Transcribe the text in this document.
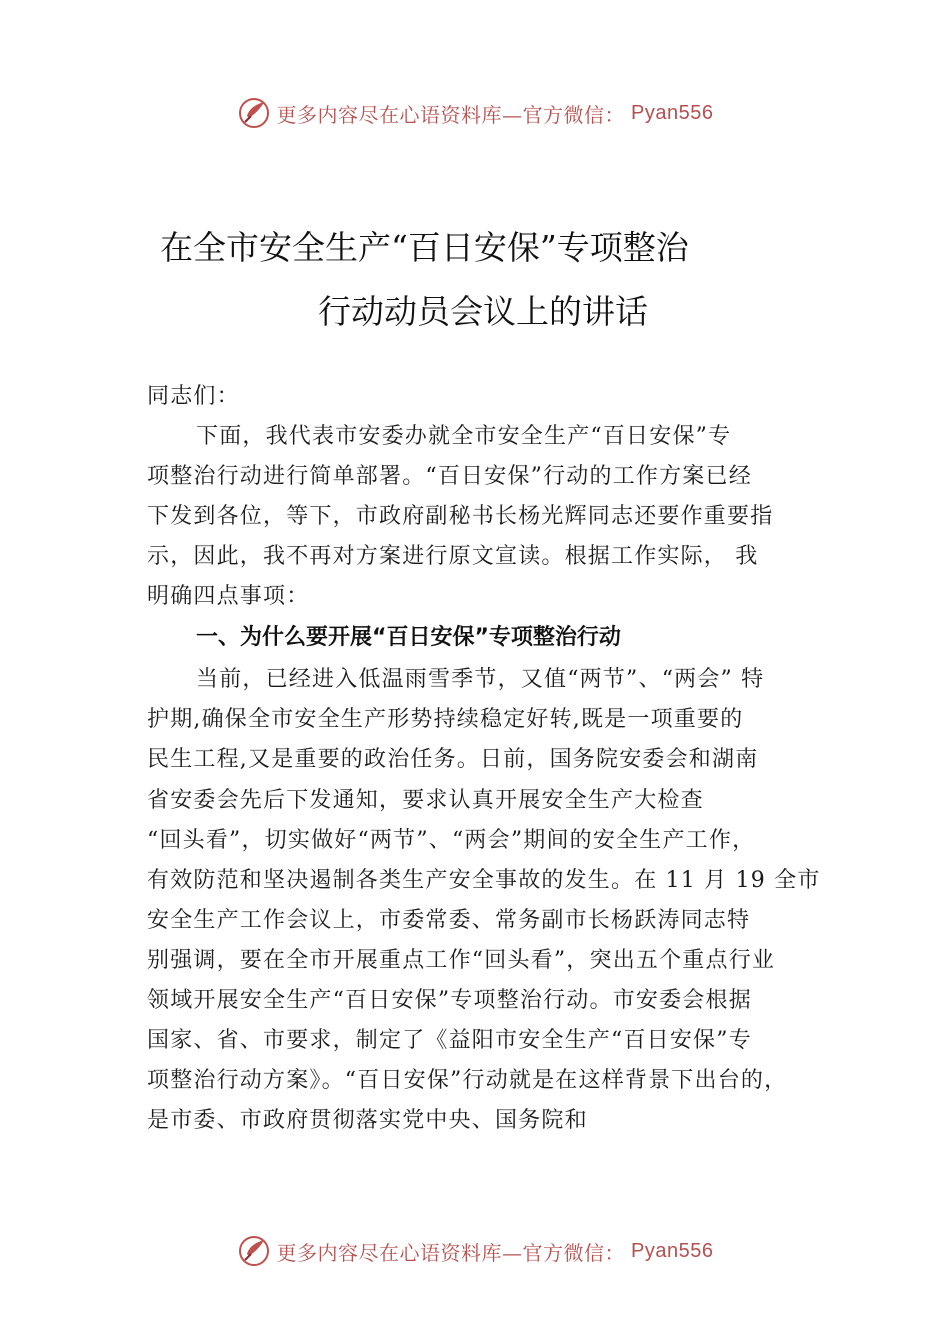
更多内容尽在心语资料库—官方微信： Pyan556
在全市安全生产“百日安保”专项整治
行动动员会议上的讲话
同志们：
下面，我代表市安委办就全市安全生产“百日安保”专
项整治行动进行简单部署。“百日安保”行动的工作方案已经
下发到各位，等下，市政府副秘书长杨光辉同志还要作重要指
示，因此，我不再对方案进行原文宣读。根据工作实际， 我
明确四点事项：
一、为什么要开展“百日安保”专项整治行动
当前，已经进入低温雨雪季节，又值“两节”、“两会” 特
护期,确保全市安全生产形势持续稳定好转,既是一项重要的
民生工程,又是重要的政治任务。日前，国务院安委会和湖南
省安委会先后下发通知，要求认真开展安全生产大检查
“回头看”，切实做好“两节”、“两会”期间的安全生产工作，
有效防范和坚决遏制各类生产安全事故的发生。在 11 月 19 全市
安全生产工作会议上，市委常委、常务副市长杨跃涛同志特
别强调，要在全市开展重点工作“回头看”，突出五个重点行业
领域开展安全生产“百日安保”专项整治行动。市安委会根据
国家、省、市要求，制定了《益阳市安全生产“百日安保”专
项整治行动方案》。“百日安保”行动就是在这样背景下出台的，
是市委、市政府贯彻落实党中央、国务院和
更多内容尽在心语资料库—官方微信： Pyan556
